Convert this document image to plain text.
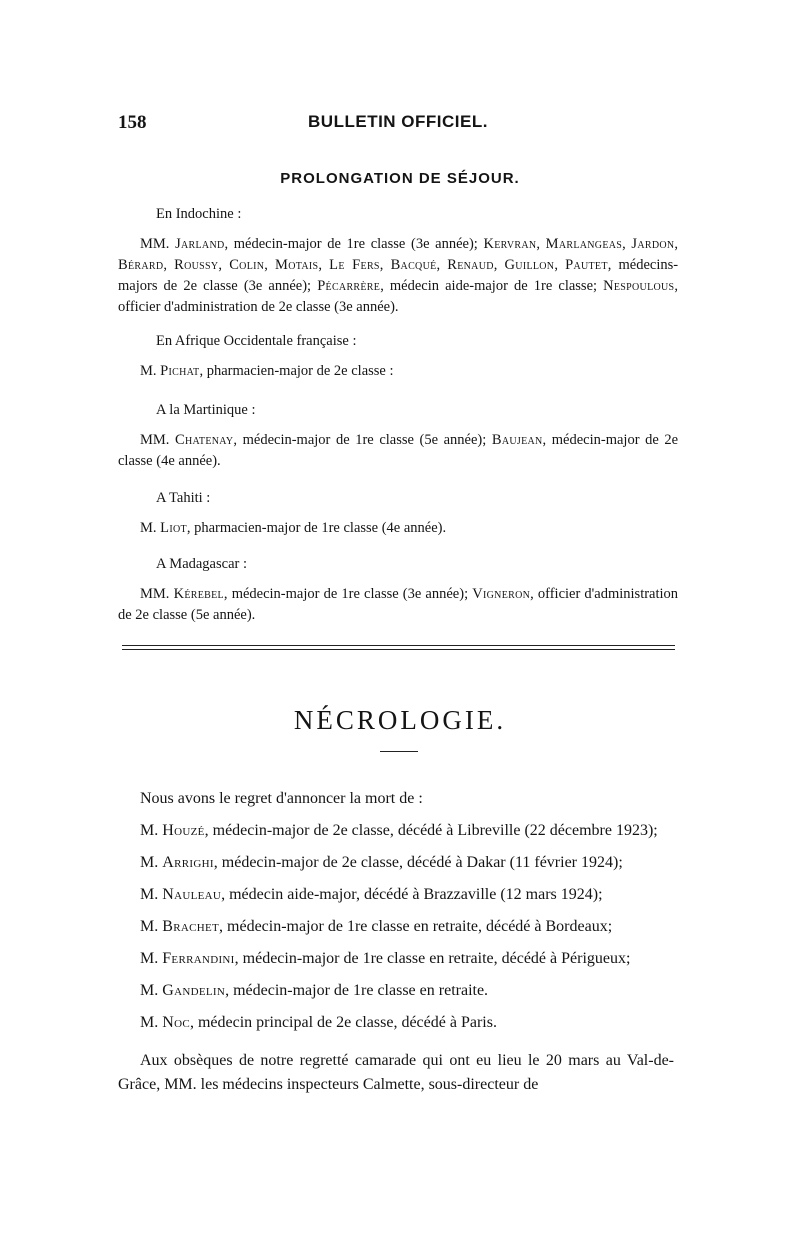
158	BULLETIN OFFICIEL.
PROLONGATION DE SÉJOUR.
En Indochine :
MM. Jarland, médecin-major de 1re classe (3e année); Kervran, Marlangeas, Jardon, Bérard, Roussy, Colin, Motais, Le Fers, Bacqué, Renaud, Guillon, Pautet, médecins-majors de 2e classe (3e année); Pécarrère, médecin aide-major de 1re classe; Nespoulous, officier d'administration de 2e classe (3e année).
En Afrique Occidentale française :
M. Pichat, pharmacien-major de 2e classe :
A la Martinique :
MM. Chatenay, médecin-major de 1re classe (5e année); Baujean, médecin-major de 2e classe (4e année).
A Tahiti :
M. Liot, pharmacien-major de 1re classe (4e année).
A Madagascar :
MM. Kérebel, médecin-major de 1re classe (3e année); Vigneron, officier d'administration de 2e classe (5e année).
NÉCROLOGIE.
Nous avons le regret d'annoncer la mort de :
M. Houzé, médecin-major de 2e classe, décédé à Libreville (22 décembre 1923);
M. Arrighi, médecin-major de 2e classe, décédé à Dakar (11 février 1924);
M. Nauleau, médecin aide-major, décédé à Brazzaville (12 mars 1924);
M. Brachet, médecin-major de 1re classe en retraite, décédé à Bordeaux;
M. Ferrandini, médecin-major de 1re classe en retraite, décédé à Périgueux;
M. Gandelin, médecin-major de 1re classe en retraite.
M. Noc, médecin principal de 2e classe, décédé à Paris.
Aux obsèques de notre regretté camarade qui ont eu lieu le 20 mars au Val-de-Grâce, MM. les médecins inspecteurs Calmette, sous-directeur de
